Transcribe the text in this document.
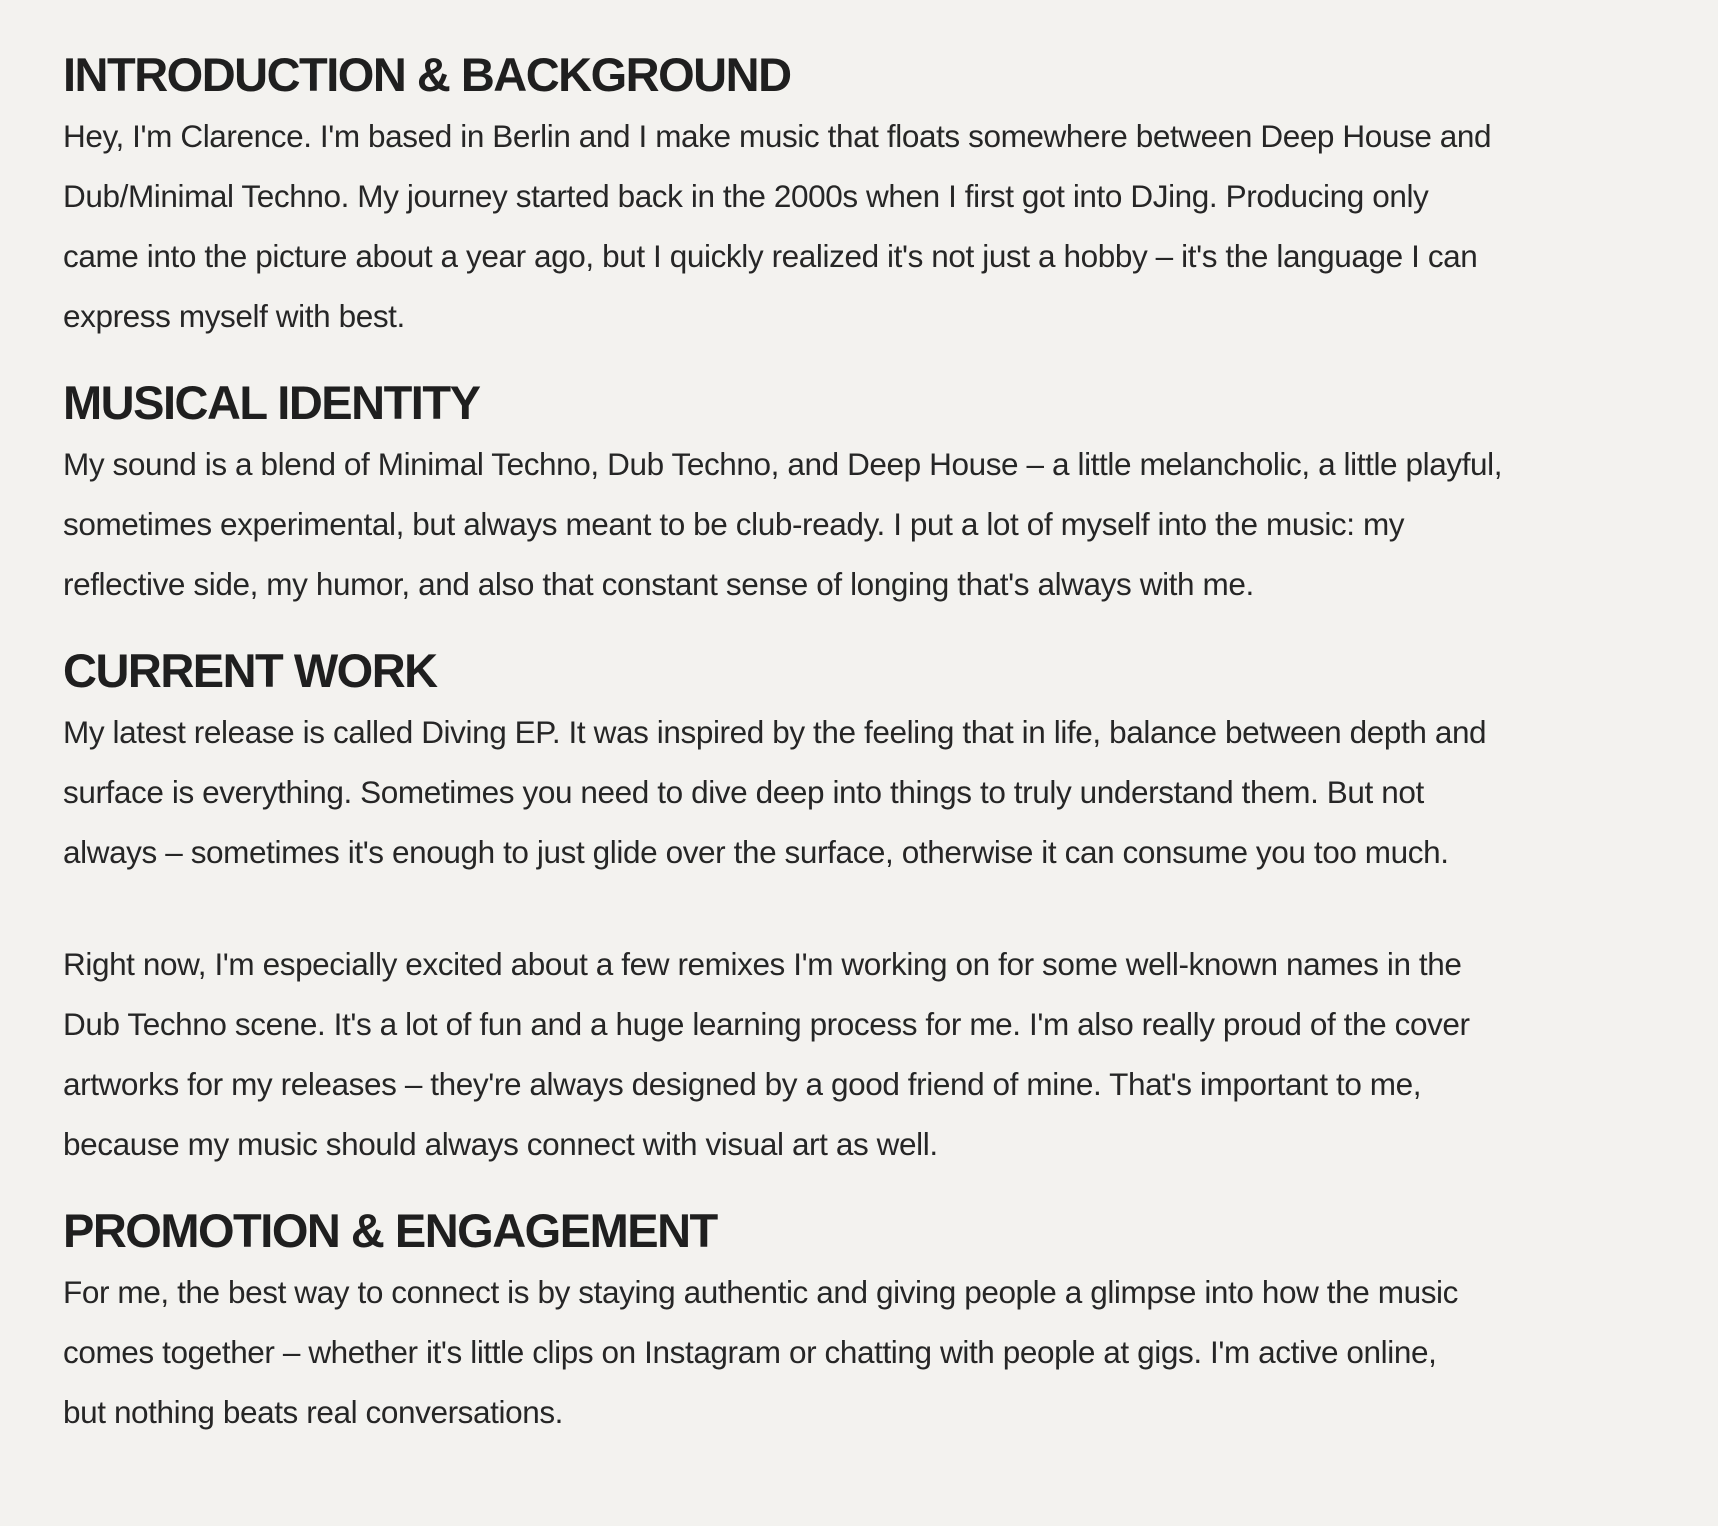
INTRODUCTION & BACKGROUND

Hey, I'm Clarence. I'm based in Berlin and I make music that floats somewhere between Deep House and
Dub/Minimal Techno. My journey started back in the 2000s when I first got into DJing. Producing only
came into the picture about a year ago, but I quickly realized it's not just a hobby – it's the language I can
express myself with best.

MUSICAL IDENTITY

My sound is a blend of Minimal Techno, Dub Techno, and Deep House – a little melancholic, a little playful,
sometimes experimental, but always meant to be club-ready. I put a lot of myself into the music: my
reflective side, my humor, and also that constant sense of longing that's always with me.

CURRENT WORK

My latest release is called Diving EP. It was inspired by the feeling that in life, balance between depth and
surface is everything. Sometimes you need to dive deep into things to truly understand them. But not
always – sometimes it's enough to just glide over the surface, otherwise it can consume you too much.

Right now, I'm especially excited about a few remixes I'm working on for some well-known names in the
Dub Techno scene. It's a lot of fun and a huge learning process for me. I'm also really proud of the cover
artworks for my releases – they're always designed by a good friend of mine. That's important to me,
because my music should always connect with visual art as well.

PROMOTION & ENGAGEMENT

For me, the best way to connect is by staying authentic and giving people a glimpse into how the music
comes together – whether it's little clips on Instagram or chatting with people at gigs. I'm active online,
but nothing beats real conversations.
